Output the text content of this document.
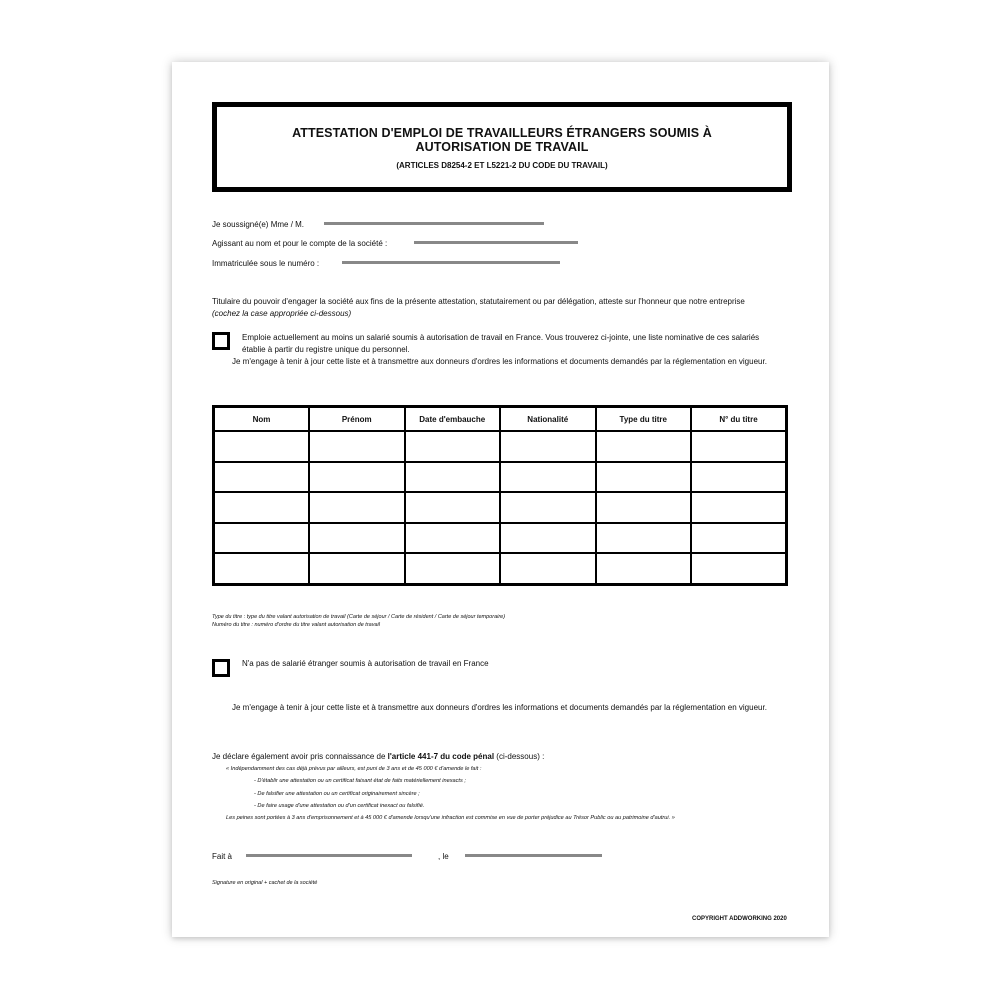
ATTESTATION D'EMPLOI DE TRAVAILLEURS ÉTRANGERS SOUMIS À AUTORISATION DE TRAVAIL
(ARTICLES D8254-2 ET L5221-2 DU CODE DU TRAVAIL)
Je soussigné(e) Mme / M.
Agissant au nom et pour le compte de la société :
Immatriculée sous le numéro :
Titulaire du pouvoir d'engager la société aux fins de la présente attestation, statutairement ou par délégation, atteste sur l'honneur que notre entreprise
(cochez la case appropriée ci-dessous)
Emploie actuellement au moins un salarié soumis à autorisation de travail en France. Vous trouverez ci-jointe, une liste nominative de ces salariés établie à partir du registre unique du personnel.
Je m'engage à tenir à jour cette liste et à transmettre aux donneurs d'ordres les informations et documents demandés par la réglementation en vigueur.
Nom	Prénom	Date d'embauche	Nationalité	Type du titre	N° du titre

Type du titre : type du titre valant autorisation de travail (Carte de séjour / Carte de résident / Carte de séjour temporaire)
Numéro du titre : numéro d'ordre du titre valant autorisation de travail
N'a pas de salarié étranger soumis à autorisation de travail en France
Je m'engage à tenir à jour cette liste et à transmettre aux donneurs d'ordres les informations et documents demandés par la réglementation en vigueur.
Je déclare également avoir pris connaissance de l'article 441-7 du code pénal (ci-dessous) :
« Indépendamment des cas déjà prévus par ailleurs, est puni de 3 ans et de 45 000 € d'amende le fait :
- D'établir une attestation ou un certificat faisant état de faits matériellement inexacts ;
- De falsifier une attestation ou un certificat originairement sincère ;
- De faire usage d'une attestation ou d'un certificat inexact ou falsifié.
Les peines sont portées à 3 ans d'emprisonnement et à 45 000 € d'amende lorsqu'une infraction est commise en vue de porter préjudice au Trésor Public ou au patrimoine d'autrui. »
Fait à	, le
Signature en original + cachet de la société
COPYRIGHT ADDWORKING 2020
